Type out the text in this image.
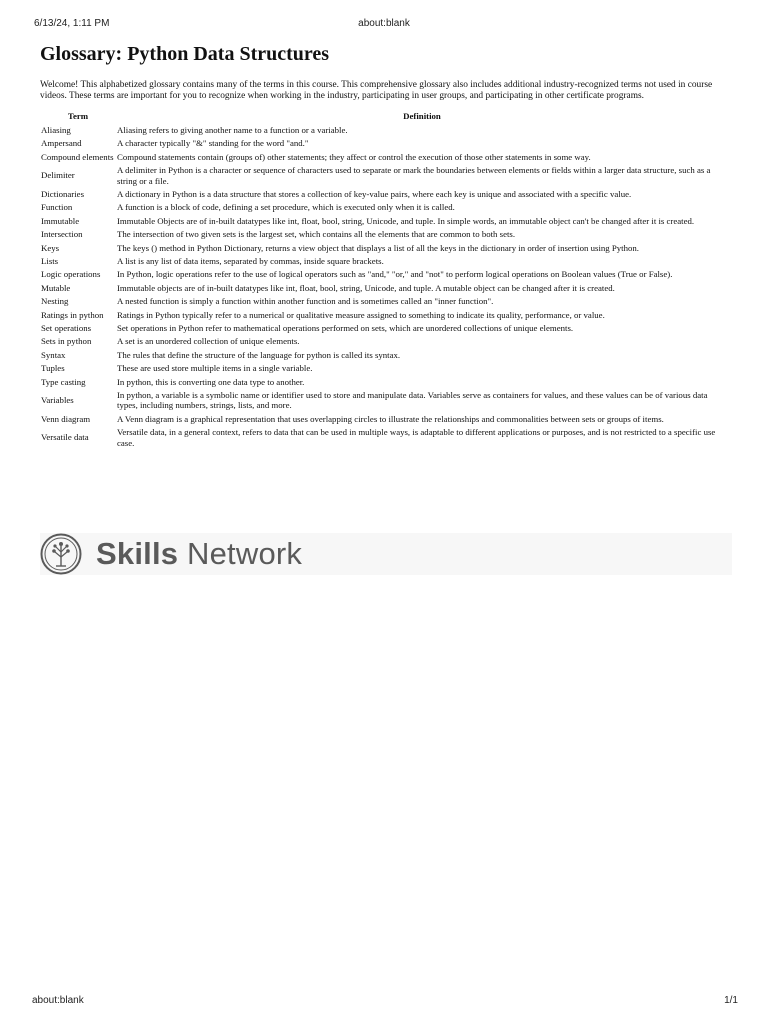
6/13/24, 1:11 PM	about:blank
Glossary: Python Data Structures

Welcome! This alphabetized glossary contains many of the terms in this course. This comprehensive glossary also includes additional industry-recognized terms not used in course videos. These terms are important for you to recognize when working in the industry, participating in user groups, and participating in other certificate programs.

Term	Definition
Aliasing	Aliasing refers to giving another name to a function or a variable.
Ampersand	A character typically "&" standing for the word "and."
Compound elements	Compound statements contain (groups of) other statements; they affect or control the execution of those other statements in some way.
Delimiter	A delimiter in Python is a character or sequence of characters used to separate or mark the boundaries between elements or fields within a larger data structure, such as a string or a file.
Dictionaries	A dictionary in Python is a data structure that stores a collection of key-value pairs, where each key is unique and associated with a specific value.
Function	A function is a block of code, defining a set procedure, which is executed only when it is called.
Immutable	Immutable Objects are of in-built datatypes like int, float, bool, string, Unicode, and tuple. In simple words, an immutable object can't be changed after it is created.
Intersection	The intersection of two given sets is the largest set, which contains all the elements that are common to both sets.
Keys	The keys () method in Python Dictionary, returns a view object that displays a list of all the keys in the dictionary in order of insertion using Python.
Lists	A list is any list of data items, separated by commas, inside square brackets.
Logic operations	In Python, logic operations refer to the use of logical operators such as "and," "or," and "not" to perform logical operations on Boolean values (True or False).
Mutable	Immutable objects are of in-built datatypes like int, float, bool, string, Unicode, and tuple. A mutable object can be changed after it is created.
Nesting	A nested function is simply a function within another function and is sometimes called an "inner function".
Ratings in python	Ratings in Python typically refer to a numerical or qualitative measure assigned to something to indicate its quality, performance, or value.
Set operations	Set operations in Python refer to mathematical operations performed on sets, which are unordered collections of unique elements.
Sets in python	A set is an unordered collection of unique elements.
Syntax	The rules that define the structure of the language for python is called its syntax.
Tuples	These are used store multiple items in a single variable.
Type casting	In python, this is converting one data type to another.
Variables	In python, a variable is a symbolic name or identifier used to store and manipulate data. Variables serve as containers for values, and these values can be of various data types, including numbers, strings, lists, and more.
Venn diagram	A Venn diagram is a graphical representation that uses overlapping circles to illustrate the relationships and commonalities between sets or groups of items.
Versatile data	Versatile data, in a general context, refers to data that can be used in multiple ways, is adaptable to different applications or purposes, and is not restricted to a specific use case.
Skills Network
about:blank	1/1
